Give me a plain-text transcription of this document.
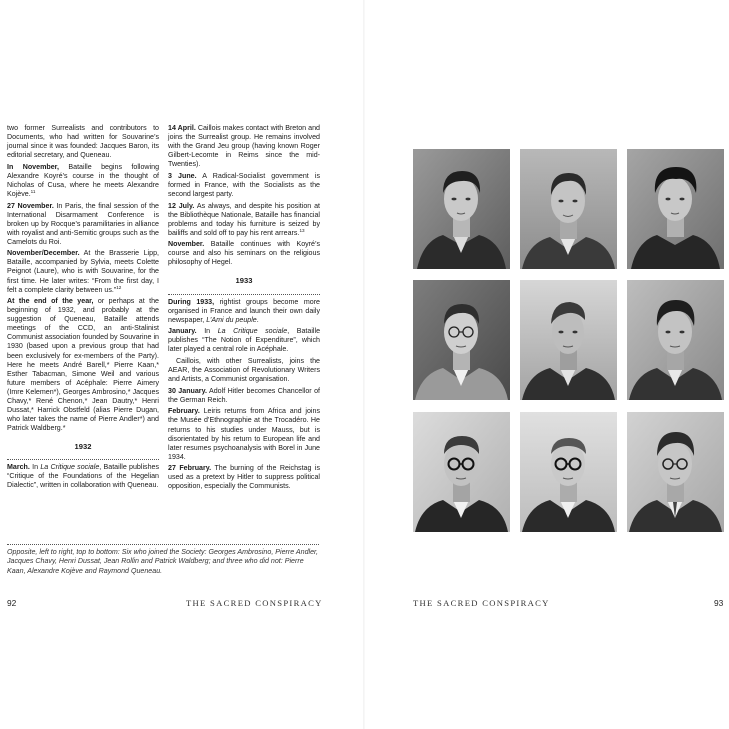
two former Surrealists and contributors to Documents, who had written for Souvarine’s journal since it was founded: Jacques Baron, its editorial secretary, and Queneau.

In November, Bataille begins following Alexandre Koyré’s course in the thought of Nicholas of Cusa, where he meets Alexandre Kojève.$^{11}$

27 November. In Paris, the final session of the International Disarmament Conference is broken up by Rocque’s paramilitaries in alliance with royalist and anti-Semitic groups such as the Camelots du Roi.

November/December. At the Brasserie Lipp, Bataille, accompanied by Sylvia, meets Colette Peignot (Laure), who is with Souvarine, for the first time. He later writes: “From the first day, I felt a complete clarity between us.”$^{12}$

At the end of the year, or perhaps at the beginning of 1932, and probably at the suggestion of Queneau, Bataille attends meetings of the CCD, an anti-Stalinist Communist association founded by Souvarine in 1930 (based upon a previous group that had been exclusively for ex-members of the Party). Here he meets André Barell,* Pierre Kaan,* Esther Tabacman, Simone Weil and various future members of Acéphale: Pierre Aimery (Imre Kelemen*), Georges Ambrosino,* Jacques Chavy,* René Chenon,* Jean Dautry,* Henri Dussat,* Harrick Obstfeld (alias Pierre Dugan, who later takes the name of Pierre Andler*) and Patrick Waldberg.*

1932

March. In La Critique sociale, Bataille publishes “Critique of the Foundations of the Hegelian Dialectic”, written in collaboration with Queneau.

14 April. Caillois makes contact with Breton and joins the Surrealist group. He remains involved with the Grand Jeu group (having known Roger Gilbert-Lecomte in Reims since the mid-Twenties).

3 June. A Radical-Socialist government is formed in France, with the Socialists as the second largest party.

12 July. As always, and despite his position at the Bibliothèque Nationale, Bataille has financial problems and today his furniture is seized by bailiffs and sold off to pay his rent arrears.$^{13}$

November. Bataille continues with Koyré’s course and also his seminars on the religious philosophy of Hegel.

1933

During 1933, rightist groups become more organised in France and launch their own daily newspaper, L’Ami du peuple.

January. In La Critique sociale, Bataille publishes “The Notion of Expenditure”, which later played a central role in Acéphale.

Caillois, with other Surrealists, joins the AEAR, the Association of Revolutionary Writers and Artists, a Communist organisation.

30 January. Adolf Hitler becomes Chancellor of the German Reich.

February. Leiris returns from Africa and joins the Musée d’Ethnographie at the Trocadéro. He returns to his studies under Mauss, but is disorientated by his return to European life and later resumes psychoanalysis with Borel in June 1934.

27 February. The burning of the Reichstag is used as a pretext by Hitler to suppress political opposition, especially the Communists.

Opposite, left to right, top to bottom: Six who joined the Society: Georges Ambrosino, Pierre Andler, Jacques Chavy, Henri Dussat, Jean Rollin and Patrick Waldberg; and three who did not: Pierre Kaan, Alexandre Kojève and Raymond Queneau.
92	THE SACRED CONSPIRACY	THE SACRED CONSPIRACY	93
